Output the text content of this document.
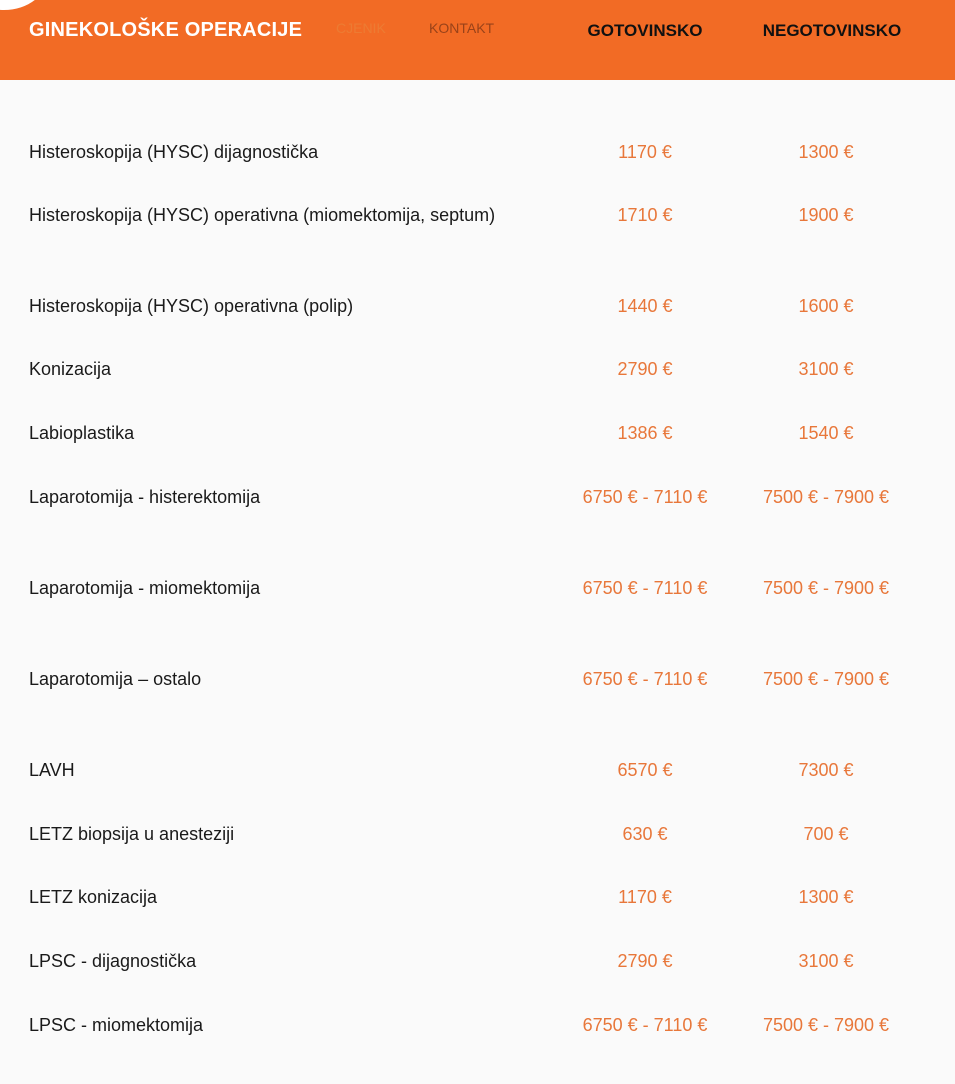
GINEKOLOŠKE OPERACIJE CJENIK	KONTAKT	GOTOVINSKO	NEGOTOVINSKO
Histeroskopija (HYSC) dijagnostička	1170 €	1300 €
Histeroskopija (HYSC) operativna (miomektomija, septum)	1710 €	1900 €
Histeroskopija (HYSC) operativna (polip)	1440 €	1600 €
Konizacija	2790 €	3100 €
Labioplastika	1386 €	1540 €
Laparotomija - histerektomija	6750 € - 7110 €	7500 € - 7900 €
Laparotomija - miomektomija	6750 € - 7110 €	7500 € - 7900 €
Laparotomija – ostalo	6750 € - 7110 €	7500 € - 7900 €
LAVH	6570 €	7300 €
LETZ biopsija u anesteziji	630 €	700 €
LETZ konizacija	1170 €	1300 €
LPSC - dijagnostička	2790 €	3100 €
LPSC - miomektomija	6750 € - 7110 €	7500 € - 7900 €
